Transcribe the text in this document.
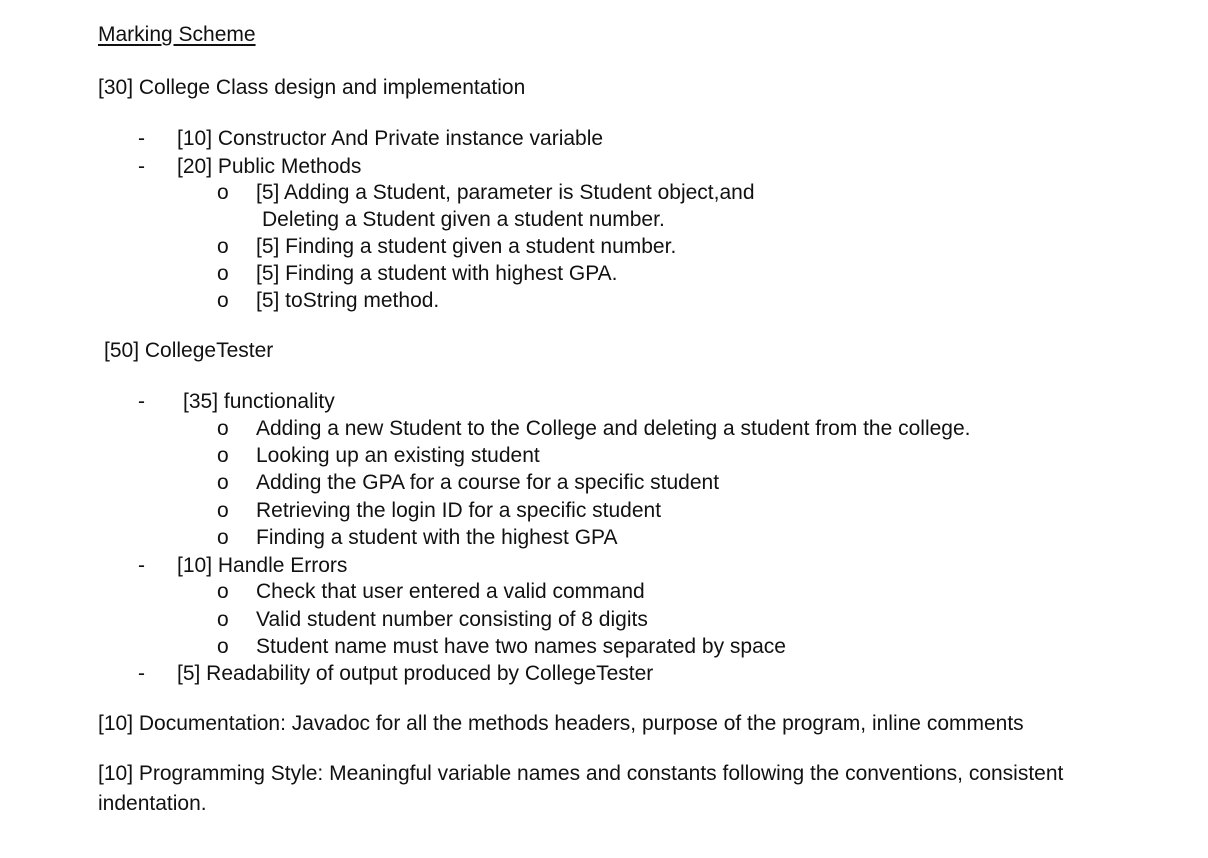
Marking Scheme
[30] College Class design and implementation
- [10] Constructor And Private instance variable
- [20] Public Methods
o [5] Adding a Student, parameter is Student object,and
Deleting a Student given a student number.
o [5] Finding a student given a student number.
o [5] Finding a student with highest GPA.
o [5] toString method.
[50] CollegeTester
- [35] functionality
o Adding a new Student to the College and deleting a student from the college.
o Looking up an existing student
o Adding the GPA for a course for a specific student
o Retrieving the login ID for a specific student
o Finding a student with the highest GPA
- [10] Handle Errors
o Check that user entered a valid command
o Valid student number consisting of 8 digits
o Student name must have two names separated by space
- [5] Readability of output produced by CollegeTester
[10] Documentation: Javadoc for all the methods headers, purpose of the program, inline comments
[10] Programming Style: Meaningful variable names and constants following the conventions, consistent
indentation.
